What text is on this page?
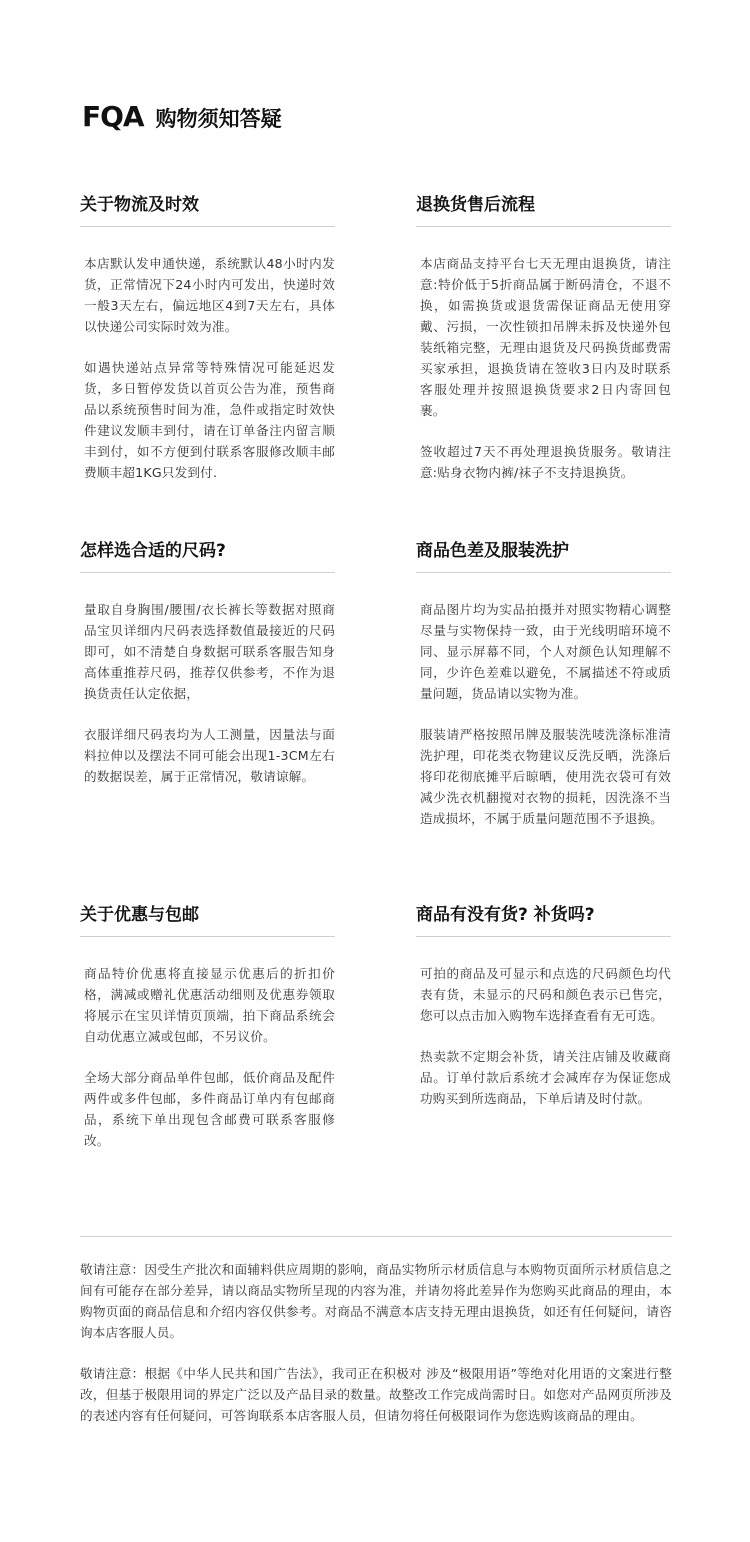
FQA 购物须知答疑
关于物流及时效

本店默认发申通快递，系统默认48小时内发货，正常情况下24小时内可发出，快递时效一般3天左右，偏远地区4到7天左右，具体以快递公司实际时效为准。

如遇快递站点异常等特殊情况可能延迟发货，多日暂停发货以首页公告为准，预售商品以系统预售时间为准，急件或指定时效快件建议发顺丰到付，请在订单备注内留言顺丰到付，如不方便到付联系客服修改顺丰邮费顺丰超1KG只发到付.

退换货售后流程

本店商品支持平台七天无理由退换货，请注意:特价低于5折商品属于断码清仓，不退不换，如需换货或退货需保证商品无使用穿戴、污损，一次性锁扣吊牌未拆及快递外包装纸箱完整，无理由退货及尺码换货邮费需买家承担，退换货请在签收3日内及时联系客服处理并按照退换货要求2日内寄回包裹。

签收超过7天不再处理退换货服务。敬请注意:贴身衣物内裤/袜子不支持退换货。

怎样选合适的尺码?

量取自身胸围/腰围/衣长裤长等数据对照商品宝贝详细内尺码表选择数值最接近的尺码即可，如不清楚自身数据可联系客服告知身高体重推荐尺码，推荐仅供参考，不作为退换货责任认定依据，

衣服详细尺码表均为人工测量，因量法与面料拉伸以及摆法不同可能会出现1-3CM左右的数据误差，属于正常情况，敬请谅解。

商品色差及服装洗护

商品图片均为实品拍摄并对照实物精心调整尽量与实物保持一致，由于光线明暗环境不同、显示屏幕不同，个人对颜色认知理解不同，少许色差难以避免，不属描述不符或质量问题，货品请以实物为准。

服装请严格按照吊牌及服装洗唛洗涤标准清洗护理，印花类衣物建议反洗反晒，洗涤后将印花彻底摊平后晾晒，使用洗衣袋可有效减少洗衣机翻搅对衣物的损耗，因洗涤不当造成损坏，不属于质量问题范围不予退换。

关于优惠与包邮

商品特价优惠将直接显示优惠后的折扣价格，满减或赠礼优惠活动细则及优惠券领取将展示在宝贝详情页顶端，拍下商品系统会自动优惠立减或包邮，不另议价。

全场大部分商品单件包邮，低价商品及配件两件或多件包邮，多件商品订单内有包邮商品，系统下单出现包含邮费可联系客服修改。

商品有没有货? 补货吗?

可拍的商品及可显示和点选的尺码颜色均代表有货，未显示的尺码和颜色表示已售完，您可以点击加入购物车选择查看有无可选。

热卖款不定期会补货，请关注店铺及收藏商品。订单付款后系统才会减库存为保证您成功购买到所选商品，下单后请及时付款。

敬请注意：因受生产批次和面辅料供应周期的影响，商品实物所示材质信息与本购物页面所示材质信息之间有可能存在部分差异，请以商品实物所呈现的内容为准，并请勿将此差异作为您购买此商品的理由，本购物页面的商品信息和介绍内容仅供参考。对商品不满意本店支持无理由退换货，如还有任何疑问，请咨询本店客服人员。

敬请注意：根据《中华人民共和国广告法》，我司正在积极对 涉及“极限用语”等绝对化用语的文案进行整改，但基于极限用词的界定广泛以及产品目录的数量。故整改工作完成尚需时日。如您对产品网页所涉及的表述内容有任何疑问，可答询联系本店客服人员，但请勿将任何极限词作为您选购该商品的理由。
